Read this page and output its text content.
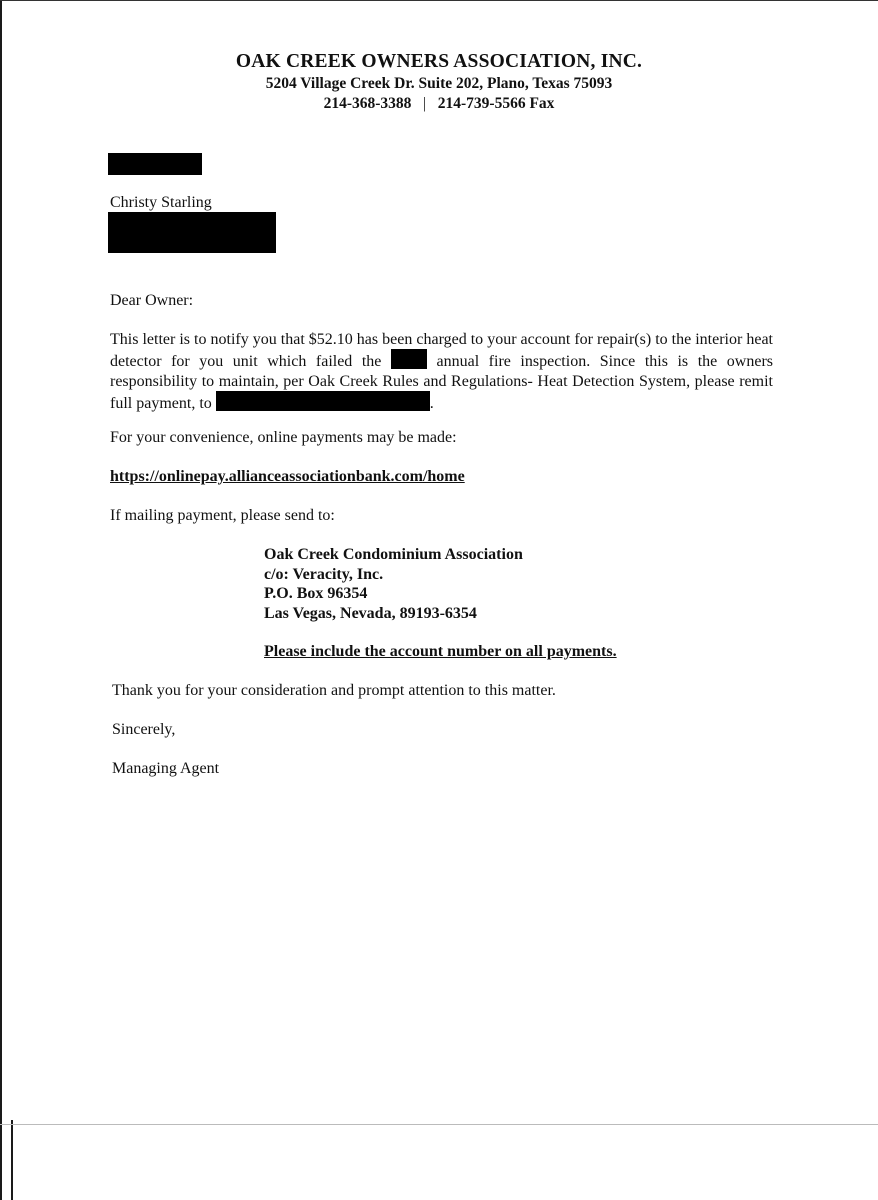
OAK CREEK OWNERS ASSOCIATION, INC.
5204 Village Creek Dr. Suite 202, Plano, Texas 75093
214-368-3388 | 214-739-5566 Fax
Christy Starling
Dear Owner:
This letter is to notify you that $52.10 has been charged to your account for repair(s) to the interior heat detector for you unit which failed the  annual fire inspection. Since this is the owners responsibility to maintain, per Oak Creek Rules and Regulations- Heat Detection System, please remit full payment, to	.
For your convenience, online payments may be made:
https://onlinepay.allianceassociationbank.com/home
If mailing payment, please send to:
Oak Creek Condominium Association
c/o: Veracity, Inc.
P.O. Box 96354
Las Vegas, Nevada, 89193-6354
Please include the account number on all payments.
Thank you for your consideration and prompt attention to this matter.
Sincerely,
Managing Agent
